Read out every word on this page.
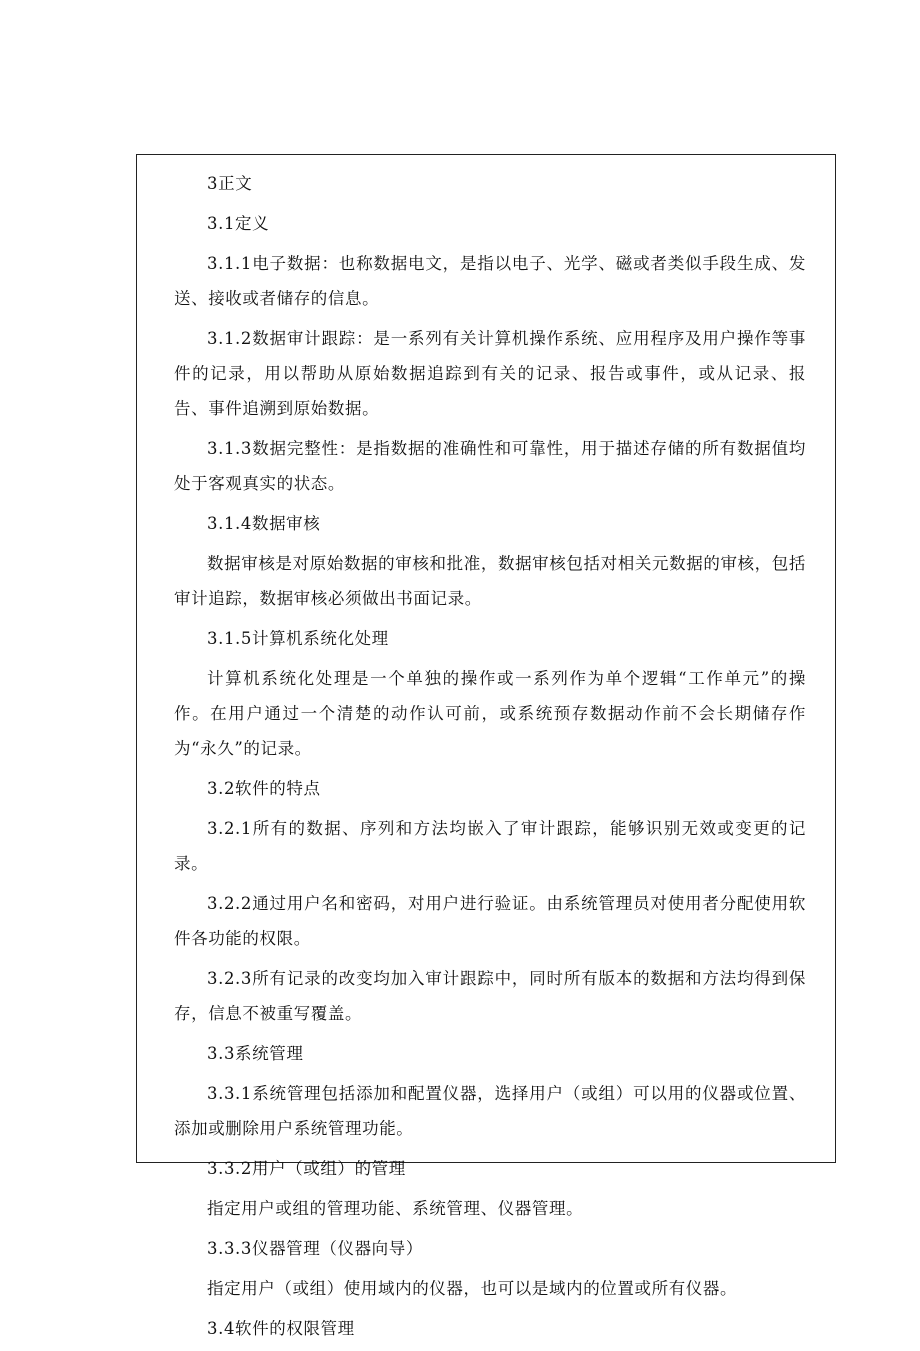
3正文

3.1定义

3.1.1电子数据：也称数据电文，是指以电子、光学、磁或者类似手段生成、发送、接收或者储存的信息。

3.1.2数据审计跟踪：是一系列有关计算机操作系统、应用程序及用户操作等事件的记录，用以帮助从原始数据追踪到有关的记录、报告或事件，或从记录、报告、事件追溯到原始数据。

3.1.3数据完整性：是指数据的准确性和可靠性，用于描述存储的所有数据值均处于客观真实的状态。

3.1.4数据审核

数据审核是对原始数据的审核和批准，数据审核包括对相关元数据的审核，包括审计追踪，数据审核必须做出书面记录。

3.1.5计算机系统化处理

计算机系统化处理是一个单独的操作或一系列作为单个逻辑“工作单元”的操作。在用户通过一个清楚的动作认可前，或系统预存数据动作前不会长期储存作为“永久”的记录。

3.2软件的特点

3.2.1所有的数据、序列和方法均嵌入了审计跟踪，能够识别无效或变更的记录。

3.2.2通过用户名和密码，对用户进行验证。由系统管理员对使用者分配使用软件各功能的权限。

3.2.3所有记录的改变均加入审计跟踪中，同时所有版本的数据和方法均得到保存，信息不被重写覆盖。

3.3系统管理

3.3.1系统管理包括添加和配置仪器，选择用户（或组）可以用的仪器或位置、添加或删除用户系统管理功能。

3.3.2用户（或组）的管理

指定用户或组的管理功能、系统管理、仪器管理。

3.3.3仪器管理（仪器向导）

指定用户（或组）使用域内的仪器，也可以是域内的位置或所有仪器。

3.4软件的权限管理
